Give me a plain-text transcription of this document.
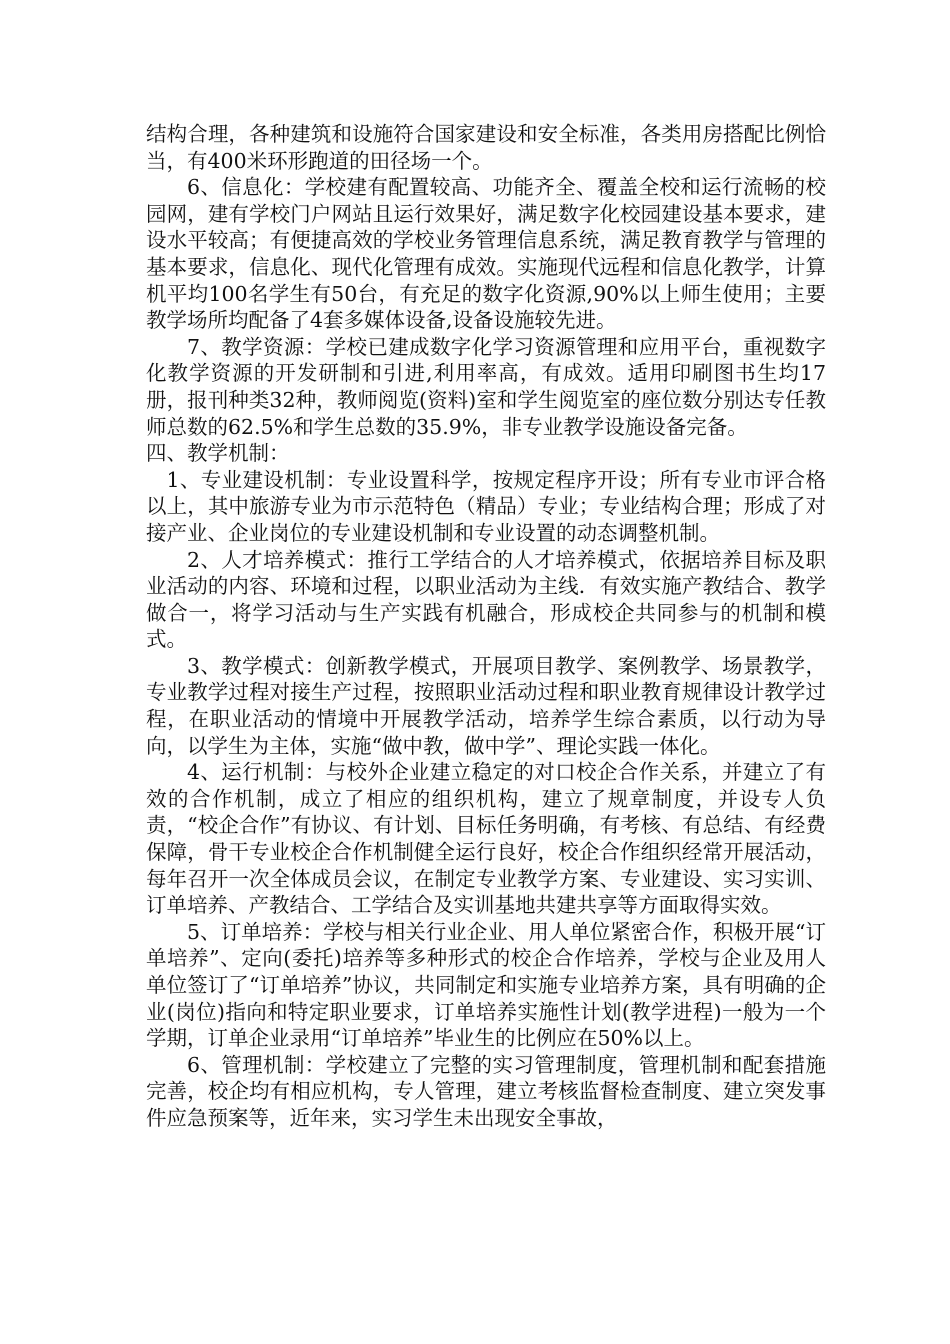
结构合理，各种建筑和设施符合国家建设和安全标准，各类用房搭配比例恰当，有400米环形跑道的田径场一个。

6、信息化：学校建有配置较高、功能齐全、覆盖全校和运行流畅的校园网，建有学校门户网站且运行效果好，满足数字化校园建设基本要求，建设水平较高；有便捷高效的学校业务管理信息系统，满足教育教学与管理的基本要求，信息化、现代化管理有成效。实施现代远程和信息化教学，计算机平均100名学生有50台，有充足的数字化资源,90%以上师生使用；主要教学场所均配备了4套多媒体设备,设备设施较先进。

7、教学资源：学校已建成数字化学习资源管理和应用平台，重视数字化教学资源的开发研制和引进,利用率高，有成效。适用印刷图书生均17册，报刊种类32种，教师阅览(资料)室和学生阅览室的座位数分别达专任教师总数的62.5%和学生总数的35.9%，非专业教学设施设备完备。

四、教学机制：

1、专业建设机制：专业设置科学，按规定程序开设；所有专业市评合格以上，其中旅游专业为市示范特色（精品）专业；专业结构合理；形成了对接产业、企业岗位的专业建设机制和专业设置的动态调整机制。

2、人才培养模式：推行工学结合的人才培养模式，依据培养目标及职业活动的内容、环境和过程，以职业活动为主线．有效实施产教结合、教学做合一，将学习活动与生产实践有机融合，形成校企共同参与的机制和模式。

3、教学模式：创新教学模式，开展项目教学、案例教学、场景教学，专业教学过程对接生产过程，按照职业活动过程和职业教育规律设计教学过程，在职业活动的情境中开展教学活动，培养学生综合素质，以行动为导向，以学生为主体，实施“做中教，做中学”、理论实践一体化。

4、运行机制：与校外企业建立稳定的对口校企合作关系，并建立了有效的合作机制，成立了相应的组织机构，建立了规章制度，并设专人负责，“校企合作”有协议、有计划、目标任务明确，有考核、有总结、有经费保障，骨干专业校企合作机制健全运行良好，校企合作组织经常开展活动，每年召开一次全体成员会议，在制定专业教学方案、专业建设、实习实训、订单培养、产教结合、工学结合及实训基地共建共享等方面取得实效。

5、订单培养：学校与相关行业企业、用人单位紧密合作，积极开展“订单培养”、定向(委托)培养等多种形式的校企合作培养，学校与企业及用人单位签订了“订单培养”协议，共同制定和实施专业培养方案，具有明确的企业(岗位)指向和特定职业要求，订单培养实施性计划(教学进程)一般为一个学期，订单企业录用“订单培养”毕业生的比例应在50%以上。

6、管理机制：学校建立了完整的实习管理制度，管理机制和配套措施完善，校企均有相应机构，专人管理，建立考核监督检查制度、建立突发事件应急预案等，近年来，实习学生未出现安全事故，
